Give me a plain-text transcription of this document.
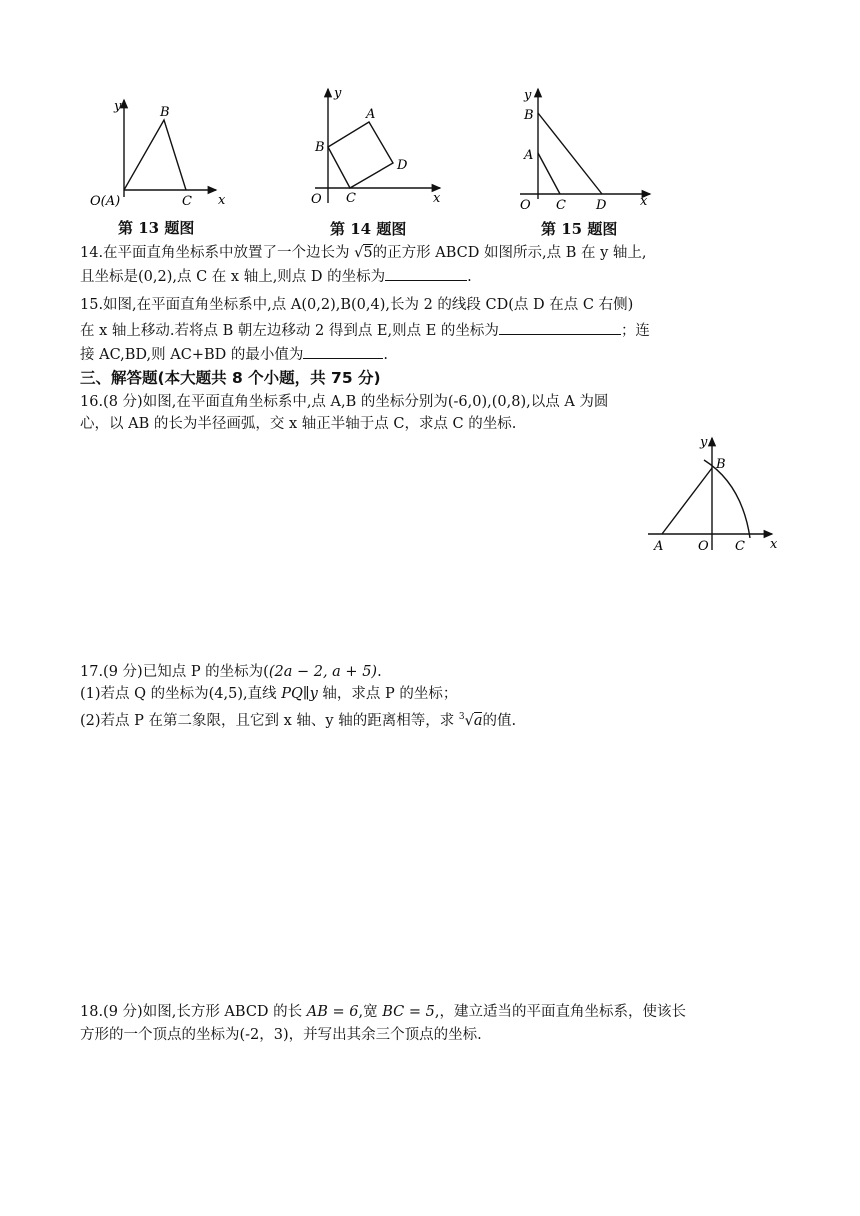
y
x
B
C
O(A)
第 13 题图
y
x
A
B
C
D
O
第 14 题图
y
x
B
A
C D
O
第 15 题图
14.在平面直角坐标系中放置了一个边长为 √5的正方形 ABCD 如图所示,点 B 在 y 轴上,
且坐标是(0,2),点 C 在 x 轴上,则点 D 的坐标为	.
15.如图,在平面直角坐标系中,点 A(0,2),B(0,4),长为 2 的线段 CD(点 D 在点 C 右侧)
在 x 轴上移动.若将点 B 朝左边移动 2 得到点 E,则点 E 的坐标为	；连
接 AC,BD,则 AC+BD 的最小值为	.
三、解答题(本大题共 8 个小题，共 75 分)
16.(8 分)如图,在平面直角坐标系中,点 A,B 的坐标分别为(-6,0),(0,8),以点 A 为圆
心，以 AB 的长为半径画弧，交 x 轴正半轴于点 C，求点 C 的坐标.
y
x
B
A	O C
17.(9 分)已知点 P 的坐标为((2a − 2, a + 5).
(1)若点 Q 的坐标为(4,5),直线 PQ∥y 轴，求点 P 的坐标；
(2)若点 P 在第二象限，且它到 x 轴、y 轴的距离相等，求 $^3$√a的值.
18.(9 分)如图,长方形 ABCD 的长 AB = 6,宽 BC = 5,，建立适当的平面直角坐标系，使该长
方形的一个顶点的坐标为(-2，3)，并写出其余三个顶点的坐标.
